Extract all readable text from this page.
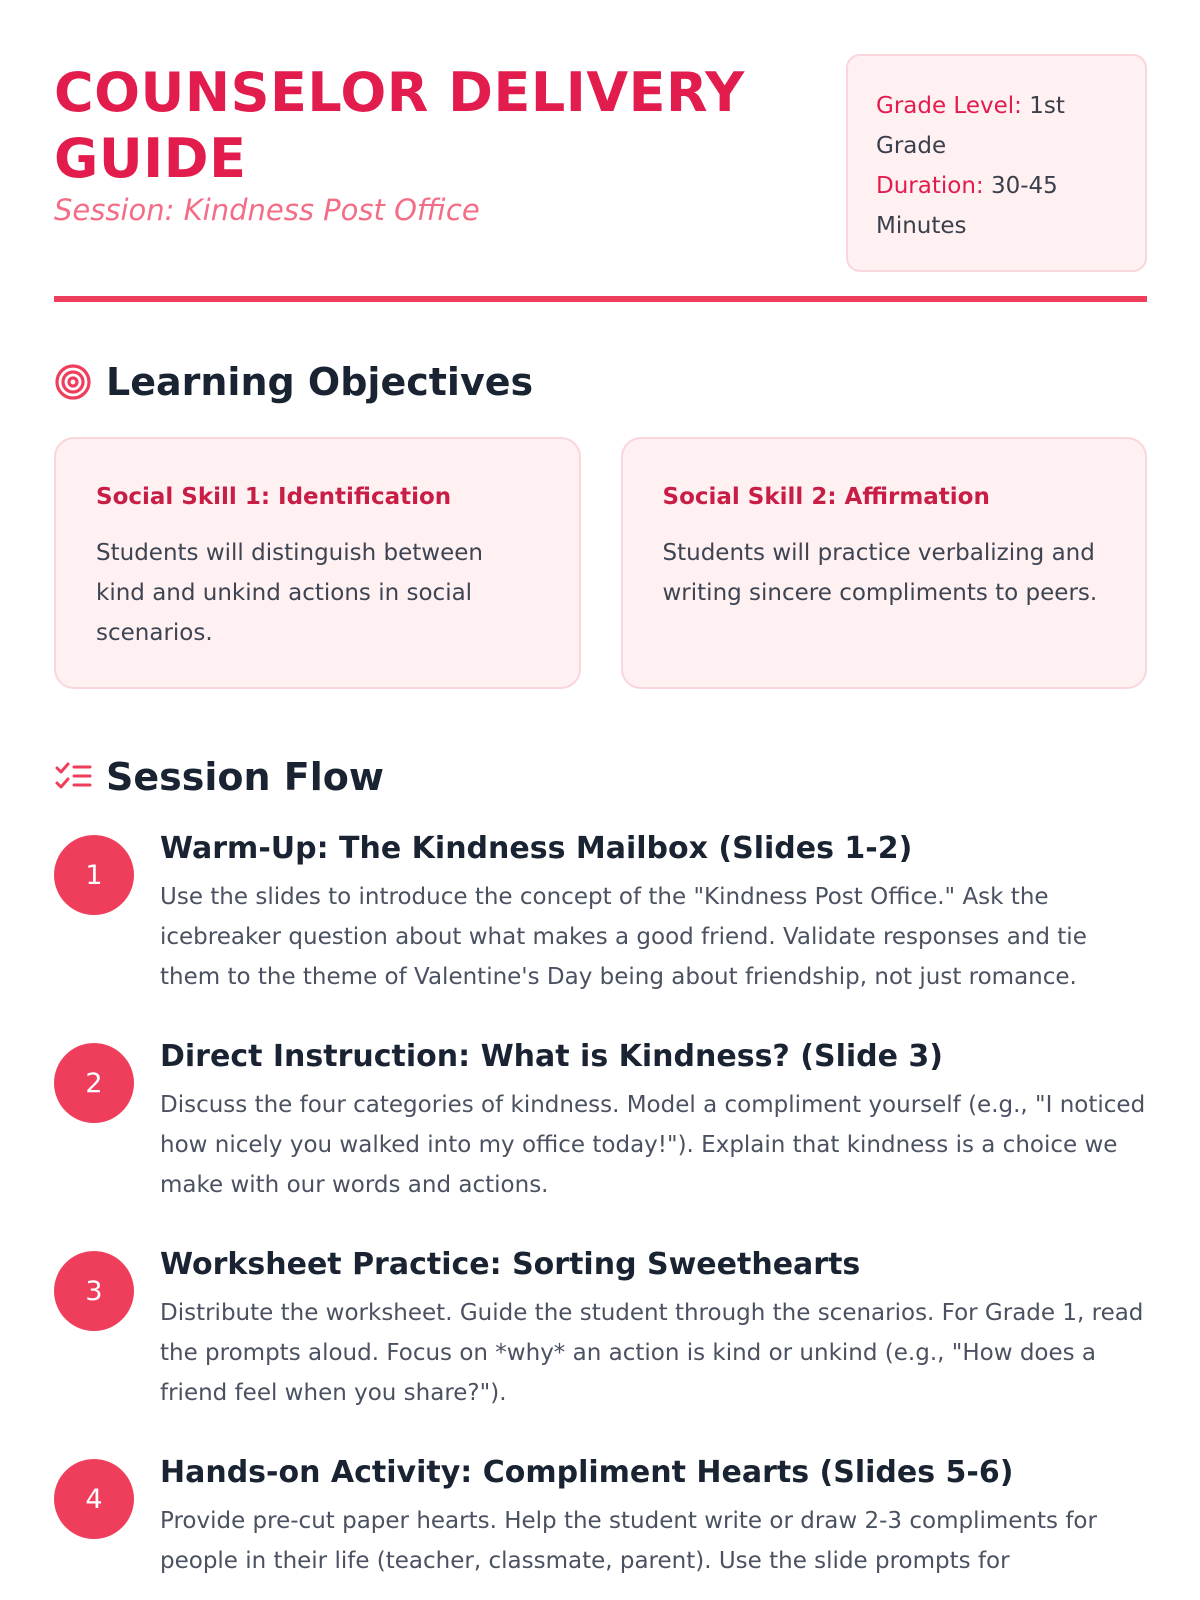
COUNSELOR DELIVERY GUIDE
Session: Kindness Post Office
Grade Level: 1st Grade
Duration: 30-45 Minutes
Learning Objectives
Social Skill 1: Identification

Students will distinguish between kind and unkind actions in social scenarios.

Social Skill 2: Affirmation

Students will practice verbalizing and writing sincere compliments to peers.

Session Flow
1
Warm-Up: The Kindness Mailbox (Slides 1-2)

Use the slides to introduce the concept of the "Kindness Post Office." Ask the icebreaker question about what makes a good friend. Validate responses and tie them to the theme of Valentine's Day being about friendship, not just romance.

2
Direct Instruction: What is Kindness? (Slide 3)

Discuss the four categories of kindness. Model a compliment yourself (e.g., "I noticed how nicely you walked into my office today!"). Explain that kindness is a choice we make with our words and actions.

3
Worksheet Practice: Sorting Sweethearts

Distribute the worksheet. Guide the student through the scenarios. For Grade 1, read the prompts aloud. Focus on *why* an action is kind or unkind (e.g., "How does a friend feel when you share?").

4
Hands-on Activity: Compliment Hearts (Slides 5-6)

Provide pre-cut paper hearts. Help the student write or draw 2-3 compliments for people in their life (teacher, classmate, parent). Use the slide prompts for
